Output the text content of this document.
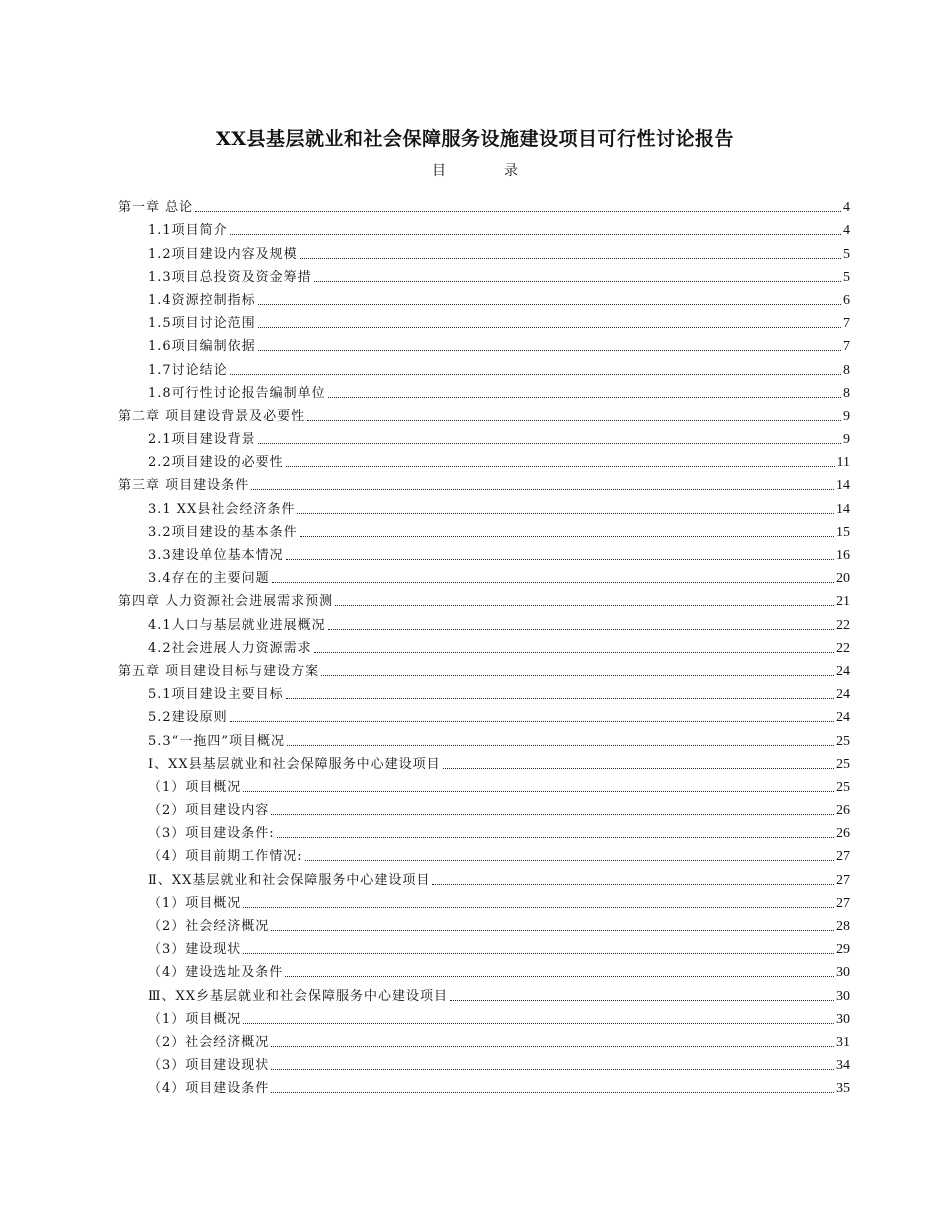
XX县基层就业和社会保障服务设施建设项目可行性讨论报告
目录
第一章 总论	4
1.1项目简介	4
1.2项目建设内容及规模	5
1.3项目总投资及资金筹措	5
1.4资源控制指标	6
1.5项目讨论范围	7
1.6项目编制依据	7
1.7讨论结论	8
1.8可行性讨论报告编制单位	8
第二章 项目建设背景及必要性	9
2.1项目建设背景	9
2.2项目建设的必要性	11
第三章 项目建设条件	14
3.1 XX县社会经济条件	14
3.2项目建设的基本条件	15
3.3建设单位基本情况	16
3.4存在的主要问题	20
第四章 人力资源社会进展需求预测	21
4.1人口与基层就业进展概况	22
4.2社会进展人力资源需求	22
第五章 项目建设目标与建设方案	24
5.1项目建设主要目标	24
5.2建设原则	24
5.3“一拖四”项目概况	25
Ⅰ、XX县基层就业和社会保障服务中心建设项目	25
（1）项目概况	25
（2）项目建设内容	26
（3）项目建设条件:	26
（4）项目前期工作情况:	27
Ⅱ、XX基层就业和社会保障服务中心建设项目	27
（1）项目概况	27
（2）社会经济概况	28
（3）建设现状	29
（4）建设选址及条件	30
Ⅲ、XX乡基层就业和社会保障服务中心建设项目	30
（1）项目概况	30
（2）社会经济概况	31
（3）项目建设现状	34
（4）项目建设条件	35
